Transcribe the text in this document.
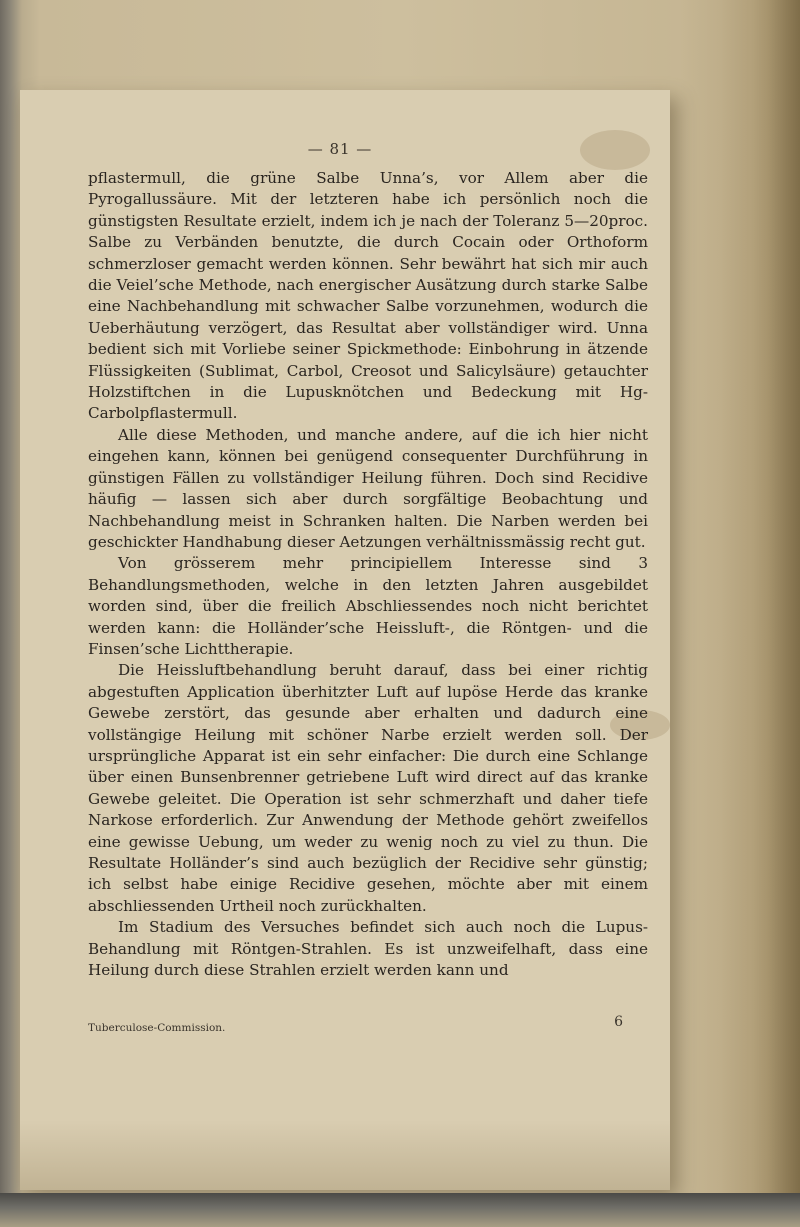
— 81 —

pflastermull, die grüne Salbe Unna’s, vor Allem aber die Pyrogallussäure. Mit der letzteren habe ich persönlich noch die günstigsten Resultate erzielt, indem ich je nach der Toleranz 5—20proc. Salbe zu Verbänden benutzte, die durch Cocain oder Orthoform schmerzloser gemacht werden können. Sehr bewährt hat sich mir auch die Veiel’sche Methode, nach energischer Ausätzung durch starke Salbe eine Nachbehandlung mit schwacher Salbe vorzunehmen, wodurch die Ueberhäutung verzögert, das Resultat aber vollständiger wird. Unna bedient sich mit Vorliebe seiner Spickmethode: Einbohrung in ätzende Flüssigkeiten (Sublimat, Carbol, Creosot und Salicylsäure) getauchter Holzstiftchen in die Lupusknötchen und Bedeckung mit Hg-Carbolpflastermull.

Alle diese Methoden, und manche andere, auf die ich hier nicht eingehen kann, können bei genügend consequenter Durchführung in günstigen Fällen zu vollständiger Heilung führen. Doch sind Recidive häufig — lassen sich aber durch sorgfältige Beobachtung und Nachbehandlung meist in Schranken halten. Die Narben werden bei geschickter Handhabung dieser Aetzungen verhältnissmässig recht gut.

Von grösserem mehr principiellem Interesse sind 3 Behandlungsmethoden, welche in den letzten Jahren ausgebildet worden sind, über die freilich Abschliessendes noch nicht berichtet werden kann: die Holländer’sche Heissluft-, die Röntgen- und die Finsen’sche Lichttherapie.

Die Heissluftbehandlung beruht darauf, dass bei einer richtig abgestuften Application überhitzter Luft auf lupöse Herde das kranke Gewebe zerstört, das gesunde aber erhalten und dadurch eine vollstängige Heilung mit schöner Narbe erzielt werden soll. Der ursprüngliche Apparat ist ein sehr einfacher: Die durch eine Schlange über einen Bunsenbrenner getriebene Luft wird direct auf das kranke Gewebe geleitet. Die Operation ist sehr schmerzhaft und daher tiefe Narkose erforderlich. Zur Anwendung der Methode gehört zweifellos eine gewisse Uebung, um weder zu wenig noch zu viel zu thun. Die Resultate Holländer’s sind auch bezüglich der Recidive sehr günstig; ich selbst habe einige Recidive gesehen, möchte aber mit einem abschliessenden Urtheil noch zurückhalten.

Im Stadium des Versuches befindet sich auch noch die Lupus-Behandlung mit Röntgen-Strahlen. Es ist unzweifelhaft, dass eine Heilung durch diese Strahlen erzielt werden kann und

Tuberculose-Commission.	6
